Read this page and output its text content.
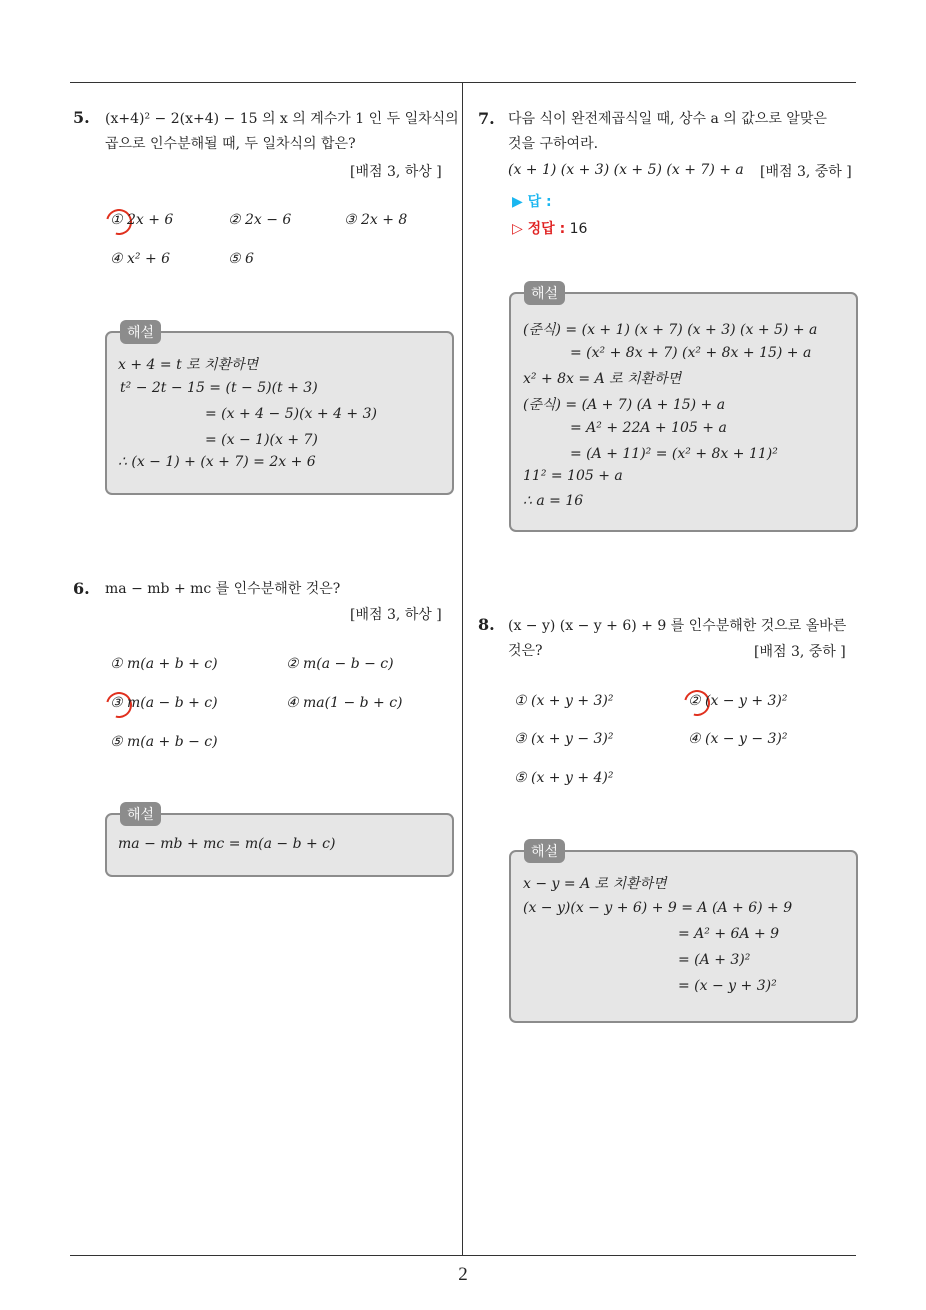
5. (x+4)² − 2(x+4) − 15 의 x 의 계수가 1 인 두 일차식의
곱으로 인수분해될 때, 두 일차식의 합은?
[배점 3, 하상 ]
① 2x + 6	② 2x − 6	③ 2x + 8
④ x² + 6	⑤ 6
해설
x + 4 = t 로 치환하면
t² − 2t − 15 = (t − 5)(t + 3)
= (x + 4 − 5)(x + 4 + 3)
= (x − 1)(x + 7)
∴ (x − 1) + (x + 7) = 2x + 6
6. ma − mb + mc 를 인수분해한 것은?
[배점 3, 하상 ]
① m(a + b + c)	② m(a − b − c)
③ m(a − b + c)	④ ma(1 − b + c)
⑤ m(a + b − c)
해설
ma − mb + mc = m(a − b + c)
7. 다음 식이 완전제곱식일 때, 상수 a 의 값으로 알맞은
것을 구하여라.
(x + 1) (x + 3) (x + 5) (x + 7) + a [배점 3, 중하 ]
▶ 답 :
▷ 정답 : 16
해설
(준식) = (x + 1) (x + 7) (x + 3) (x + 5) + a
= (x² + 8x + 7) (x² + 8x + 15) + a
x² + 8x = A 로 치환하면
(준식) = (A + 7) (A + 15) + a
= A² + 22A + 105 + a
= (A + 11)² = (x² + 8x + 11)²
11² = 105 + a
∴ a = 16
8. (x − y) (x − y + 6) + 9 를 인수분해한 것으로 올바른
것은?	[배점 3, 중하 ]
① (x + y + 3)²	② (x − y + 3)²
③ (x + y − 3)²	④ (x − y − 3)²
⑤ (x + y + 4)²
해설
x − y = A 로 치환하면
(x − y)(x − y + 6) + 9 = A (A + 6) + 9
= A² + 6A + 9
= (A + 3)²
= (x − y + 3)²
2
